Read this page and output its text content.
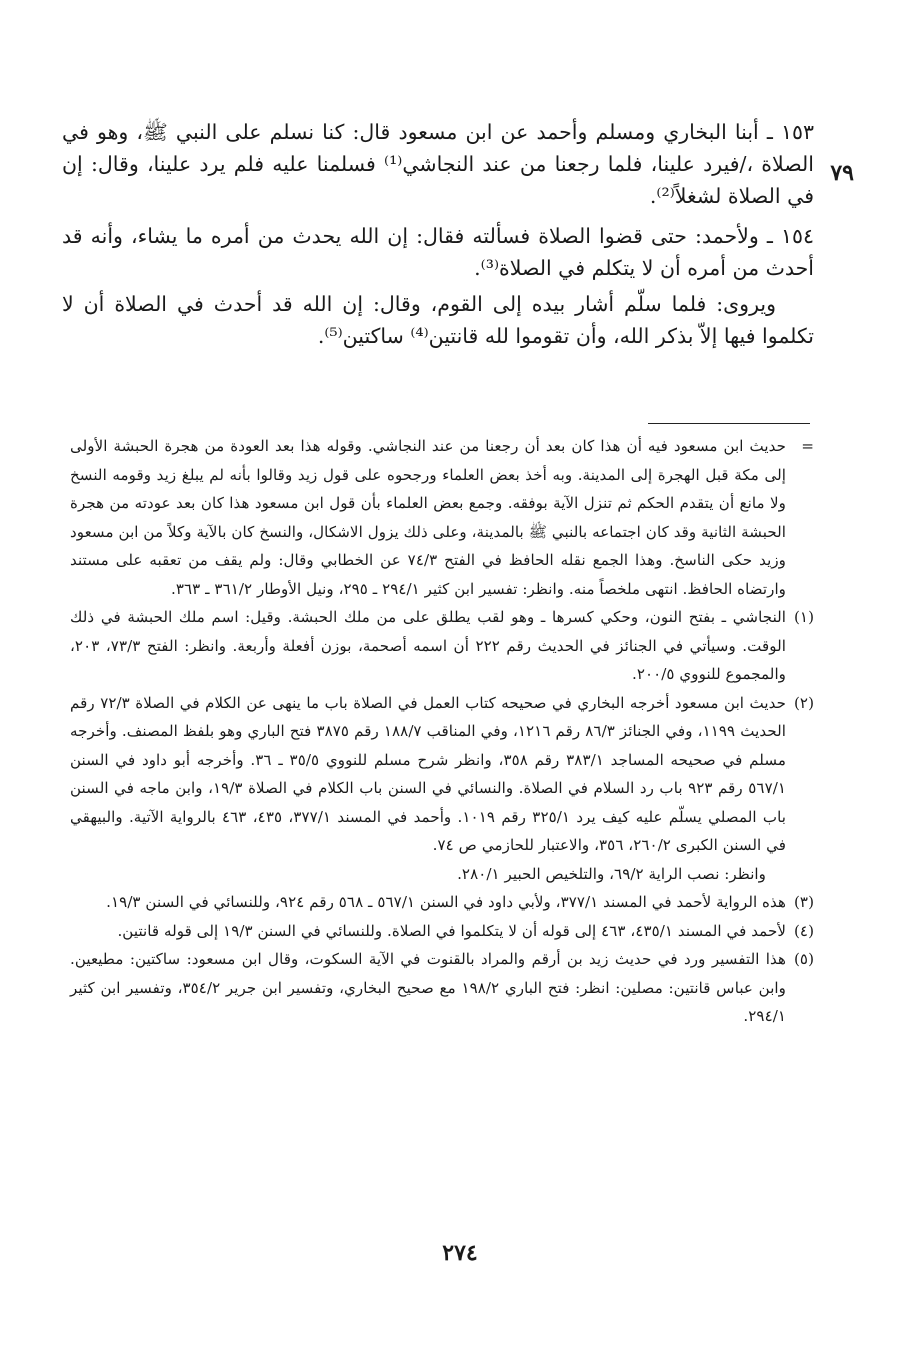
٧٩

١٥٣ ـ أبنا البخاري ومسلم وأحمد عن ابن مسعود قال: كنا نسلم على النبي ﷺ، وهو في الصلاة ،/فيرد علينا، فلما رجعنا من عند النجاشي⁽¹⁾ فسلمنا عليه فلم يرد علينا، وقال: إن في الصلاة لشغلاً⁽²⁾.

١٥٤ ـ ولأحمد: حتى قضوا الصلاة فسألته فقال: إن الله يحدث من أمره ما يشاء، وأنه قد أحدث من أمره أن لا يتكلم في الصلاة⁽³⁾.

ويروى: فلما سلّم أشار بيده إلى القوم، وقال: إن الله قد أحدث في الصلاة أن لا تكلموا فيها إلاّ بذكر الله، وأن تقوموا لله قانتين⁽⁴⁾ ساكتين⁽⁵⁾.

=
حديث ابن مسعود فيه أن هذا كان بعد أن رجعنا من عند النجاشي. وقوله هذا بعد العودة من هجرة الحبشة الأولى إلى مكة قبل الهجرة إلى المدينة. وبه أخذ بعض العلماء ورجحوه على قول زيد وقالوا بأنه لم يبلغ زيد وقومه النسخ ولا مانع أن يتقدم الحكم ثم تنزل الآية بوفقه. وجمع بعض العلماء بأن قول ابن مسعود هذا كان بعد عودته من هجرة الحبشة الثانية وقد كان اجتماعه بالنبي ﷺ بالمدينة، وعلى ذلك يزول الاشكال، والنسخ كان بالآية وكلاً من ابن مسعود وزيد حكى الناسخ. وهذا الجمع نقله الحافظ في الفتح ٧٤/٣ عن الخطابي وقال: ولم يقف من تعقبه على مستند وارتضاه الحافظ. انتهى ملخصاً منه. وانظر: تفسير ابن كثير ٢٩٤/١ ـ ٢٩٥، ونيل الأوطار ٣٦١/٢ ـ ٣٦٣.

(١)
النجاشي ـ بفتح النون، وحكي كسرها ـ وهو لقب يطلق على من ملك الحبشة. وقيل: اسم ملك الحبشة في ذلك الوقت. وسيأتي في الجنائز في الحديث رقم ٢٢٢ أن اسمه أصحمة، بوزن أفعلة وأربعة. وانظر: الفتح ٧٣/٣، ٢٠٣، والمجموع للنووي ٢٠٠/٥.

(٢)
حديث ابن مسعود أخرجه البخاري في صحيحه كتاب العمل في الصلاة باب ما ينهى عن الكلام في الصلاة ٧٢/٣ رقم الحديث ١١٩٩، وفي الجنائز ٨٦/٣ رقم ١٢١٦، وفي المناقب ١٨٨/٧ رقم ٣٨٧٥ فتح الباري وهو بلفظ المصنف. وأخرجه مسلم في صحيحه المساجد ٣٨٣/١ رقم ٣٥٨، وانظر شرح مسلم للنووي ٣٥/٥ ـ ٣٦. وأخرجه أبو داود في السنن ٥٦٧/١ رقم ٩٢٣ باب رد السلام في الصلاة. والنسائي في السنن باب الكلام في الصلاة ١٩/٣، وابن ماجه في السنن باب المصلي يسلّم عليه كيف يرد ٣٢٥/١ رقم ١٠١٩. وأحمد في المسند ٣٧٧/١، ٤٣٥، ٤٦٣ بالرواية الآتية. والبيهقي في السنن الكبرى ٢٦٠/٢، ٣٥٦، والاعتبار للحازمي ص ٧٤.
وانظر: نصب الراية ٦٩/٢، والتلخيص الحبير ٢٨٠/١.

(٣)
هذه الرواية لأحمد في المسند ٣٧٧/١، ولأبي داود في السنن ٥٦٧/١ ـ ٥٦٨ رقم ٩٢٤، وللنسائي في السنن ١٩/٣.

(٤)
لأحمد في المسند ٤٣٥/١، ٤٦٣ إلى قوله أن لا يتكلموا في الصلاة. وللنسائي في السنن ١٩/٣ إلى قوله قانتين.

(٥)
هذا التفسير ورد في حديث زيد بن أرقم والمراد بالقنوت في الآية السكوت، وقال ابن مسعود: ساكتين: مطيعين. وابن عباس قانتين: مصلين: انظر: فتح الباري ١٩٨/٢ مع صحيح البخاري، وتفسير ابن جرير ٣٥٤/٢، وتفسير ابن كثير ٢٩٤/١.

٢٧٤
